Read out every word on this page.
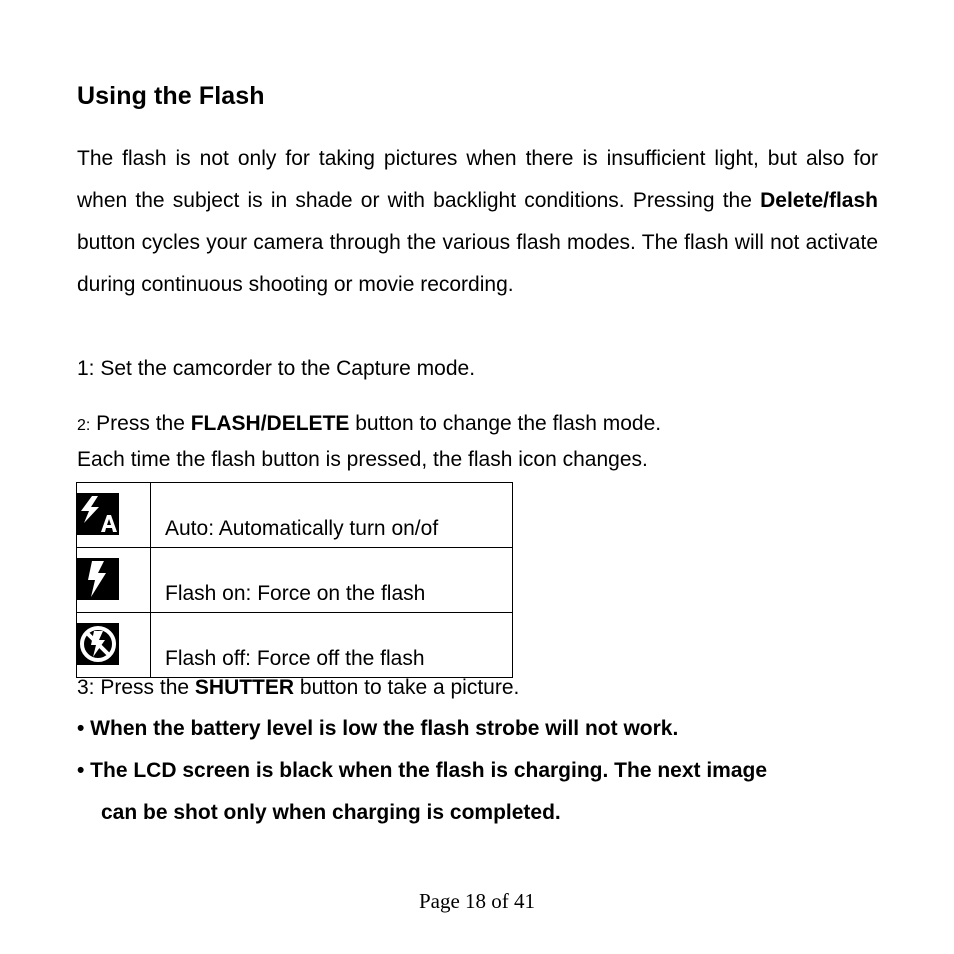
Using the Flash

The flash is not only for taking pictures when there is insufficient light, but also for when the subject is in shade or with backlight conditions. Pressing the Delete/flash button cycles your camera through the various flash modes. The flash will not activate during continuous shooting or movie recording.

1: Set the camcorder to the Capture mode.

2: Press the FLASH/DELETE button to change the flash mode.

Each time the flash button is pressed, the flash icon changes.

	Auto: Automatically turn on/of

	Flash on: Force on the flash

	Flash off: Force off the flash

3: Press the SHUTTER button to take a picture.

• When the battery level is low the flash strobe will not work.

• The LCD screen is black when the flash is charging. The next image

can be shot only when charging is completed.

Page 18 of 41
